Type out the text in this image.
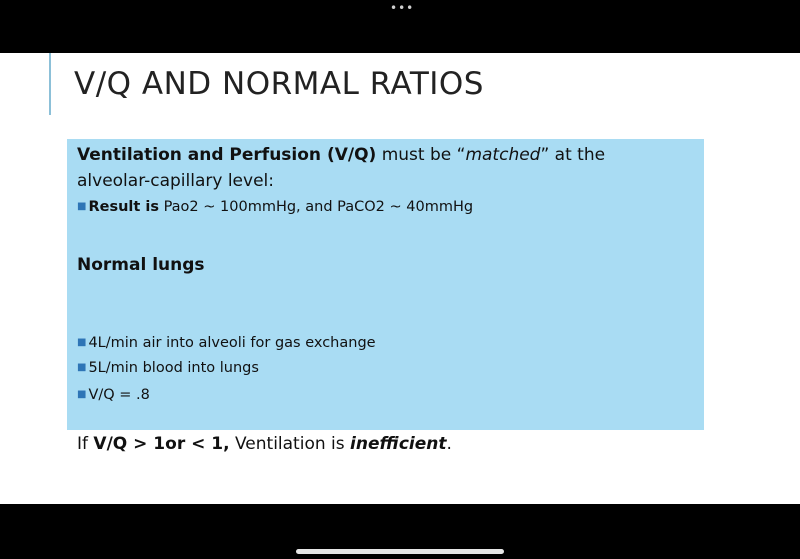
•••
V/Q AND NORMAL RATIOS
Ventilation and Perfusion (V/Q) must be “matched” at the
alveolar-capillary level:
■ Result is Pao2 ~ 100mmHg, and PaCO2 ~ 40mmHg
Normal lungs
■ 4L/min air into alveoli for gas exchange
■ 5L/min blood into lungs
■ V/Q = .8
If V/Q > 1or < 1, Ventilation is inefficient.
